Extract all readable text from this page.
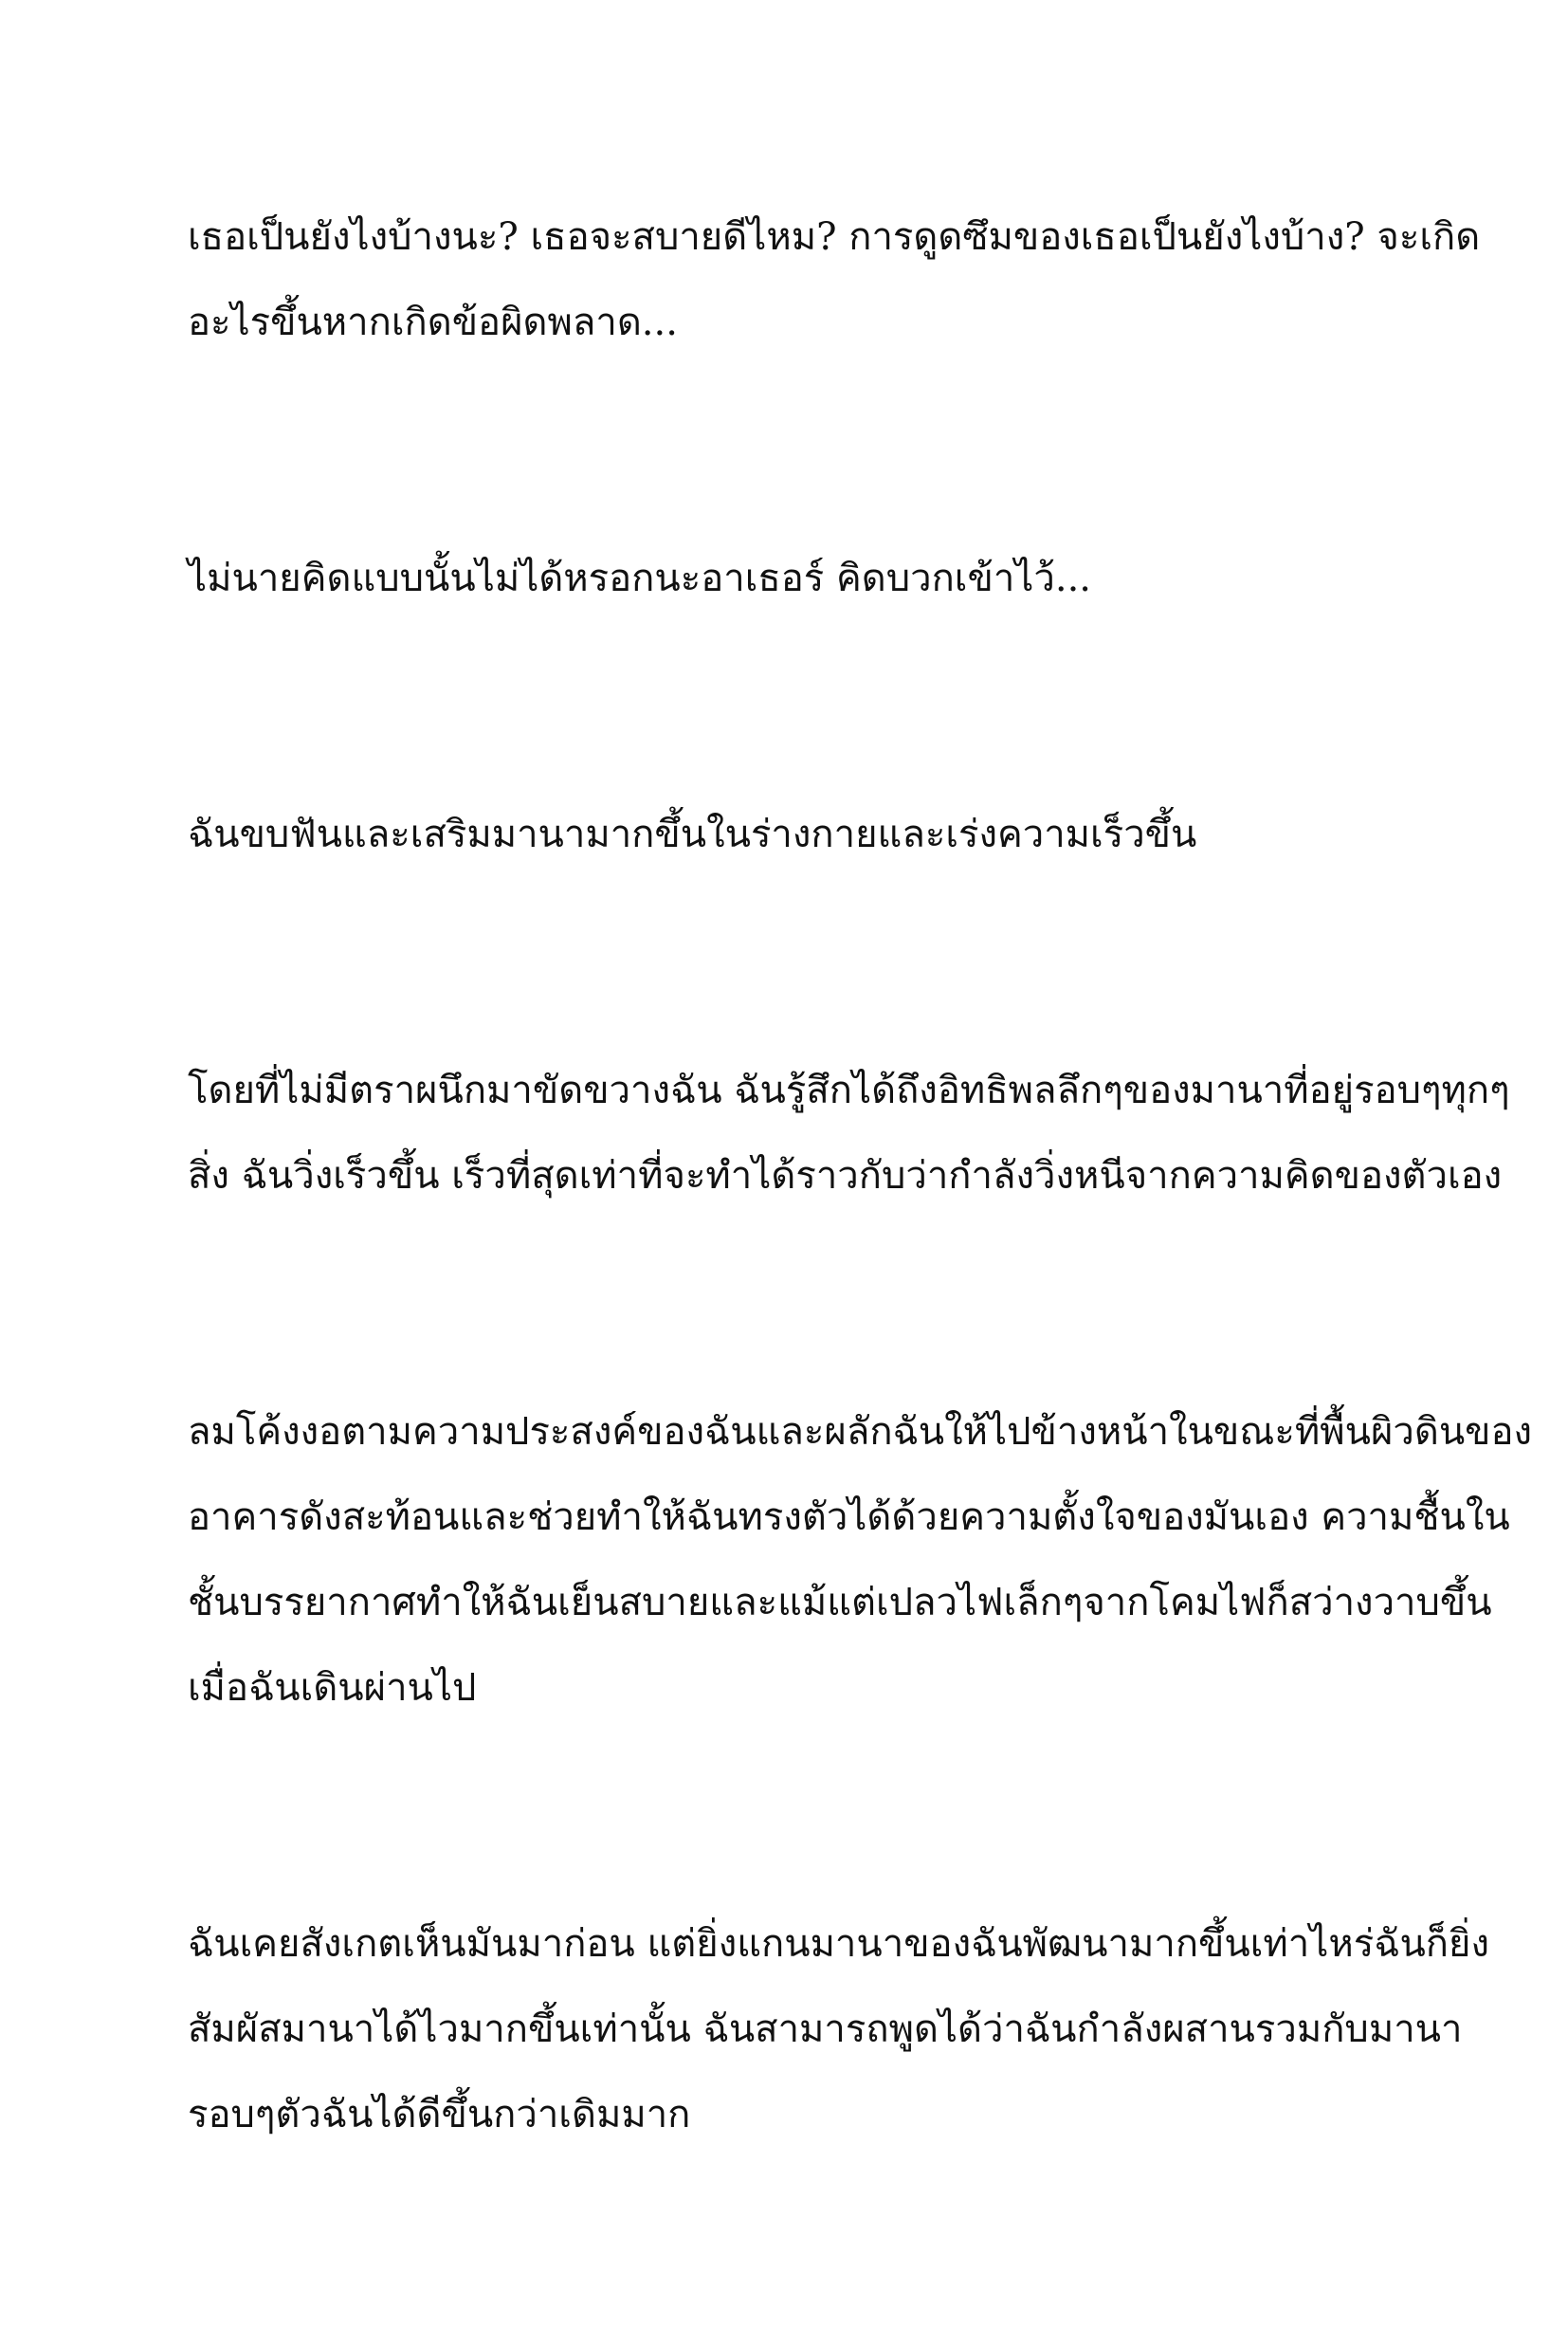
เธอเป็นยังไงบ้างนะ? เธอจะสบายดีไหม? การดูดซึมของเธอเป็นยังไงบ้าง? จะเกิด
อะไรขึ้นหากเกิดข้อผิดพลาด...

ไม่นายคิดแบบนั้นไม่ได้หรอกนะอาเธอร์ คิดบวกเข้าไว้...

ฉันขบฟันและเสริมมานามากขึ้นในร่างกายและเร่งความเร็วขึ้น

โดยที่ไม่มีตราผนึกมาขัดขวางฉัน ฉันรู้สึกได้ถึงอิทธิพลลึกๆของมานาที่อยู่รอบๆทุกๆ
สิ่ง ฉันวิ่งเร็วขึ้น เร็วที่สุดเท่าที่จะทำได้ราวกับว่ากำลังวิ่งหนีจากความคิดของตัวเอง

ลมโค้งงอตามความประสงค์ของฉันและผลักฉันให้ไปข้างหน้าในขณะที่พื้นผิวดินของ
อาคารดังสะท้อนและช่วยทำให้ฉันทรงตัวได้ด้วยความตั้งใจของมันเอง ความชื้นใน
ชั้นบรรยากาศทำให้ฉันเย็นสบายและแม้แต่เปลวไฟเล็กๆจากโคมไฟก็สว่างวาบขึ้น
เมื่อฉันเดินผ่านไป

ฉันเคยสังเกตเห็นมันมาก่อน แต่ยิ่งแกนมานาของฉันพัฒนามากขึ้นเท่าไหร่ฉันก็ยิ่ง
สัมผัสมานาได้ไวมากขึ้นเท่านั้น ฉันสามารถพูดได้ว่าฉันกำลังผสานรวมกับมานา
รอบๆตัวฉันได้ดีขึ้นกว่าเดิมมาก
